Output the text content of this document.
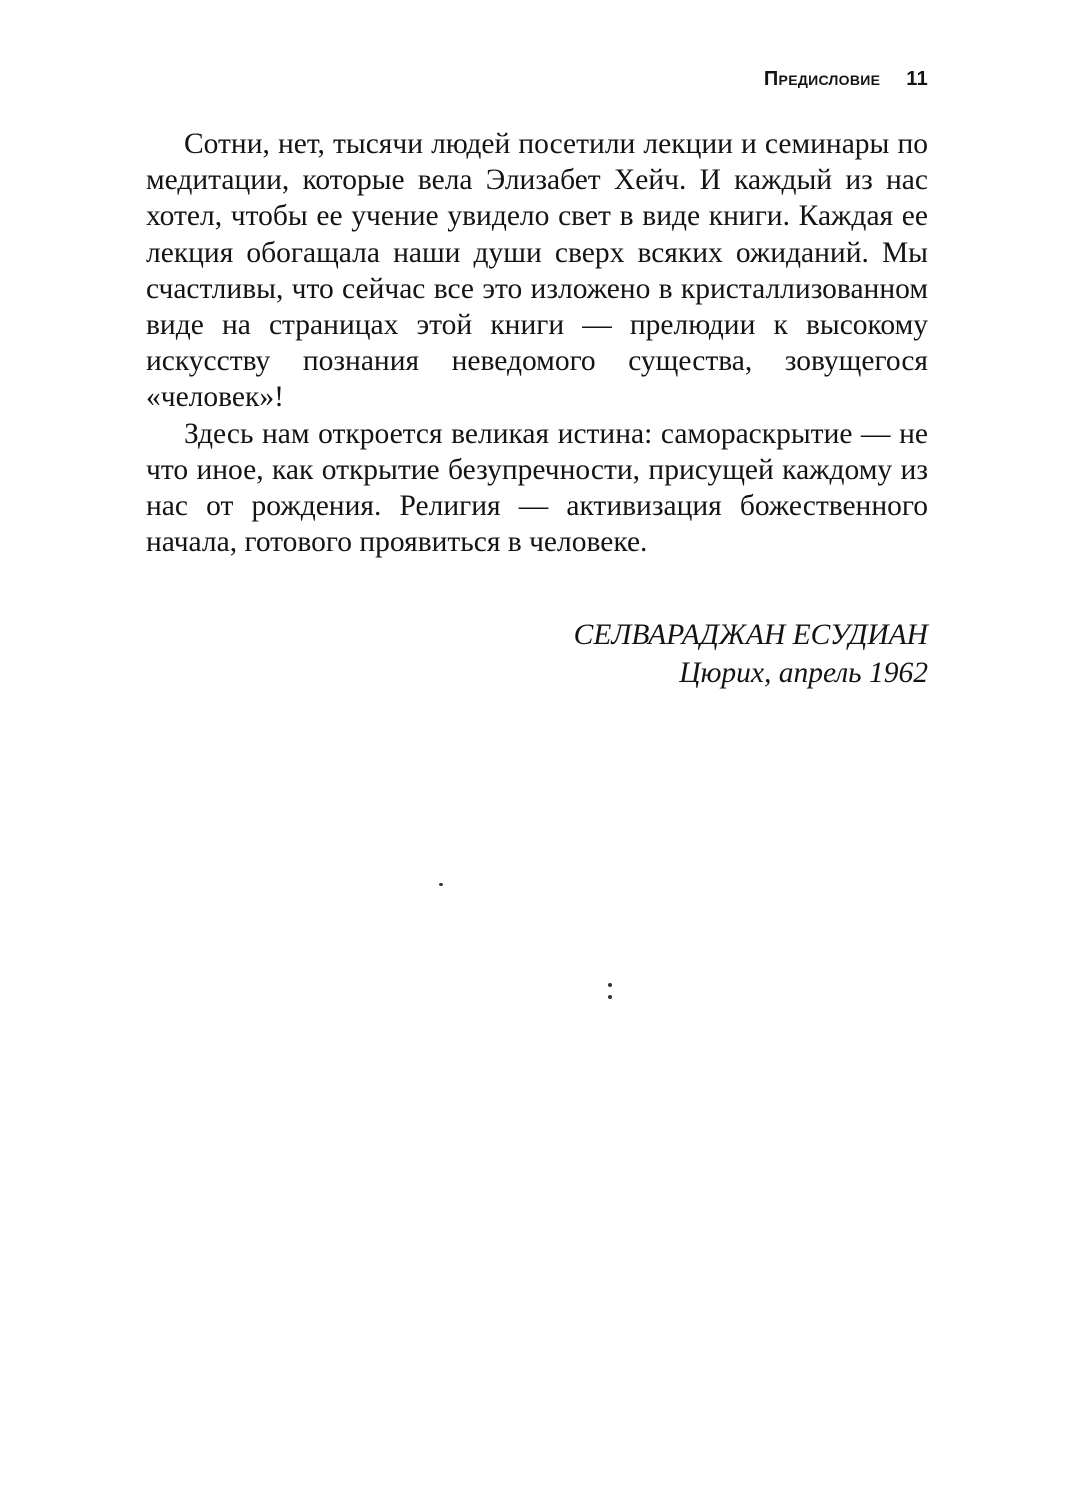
Предисловие 11

Сотни, нет, тысячи людей посетили лекции и семинары по медитации, которые вела Элизабет Хейч. И каждый из нас хотел, чтобы ее учение увидело свет в виде книги. Каждая ее лекция обогащала наши души сверх всяких ожиданий. Мы счастливы, что сейчас все это изложено в кристаллизованном виде на страницах этой книги — прелюдии к высокому искусству познания неведомого существа, зовущегося «человек»!

Здесь нам откроется великая истина: самораскрытие — не что иное, как открытие безупречности, присущей каждому из нас от рождения. Религия — активизация божественного начала, готового проявиться в человеке.

СЕЛВАРАДЖАН ЕСУДИАН
Цюрих, апрель 1962
